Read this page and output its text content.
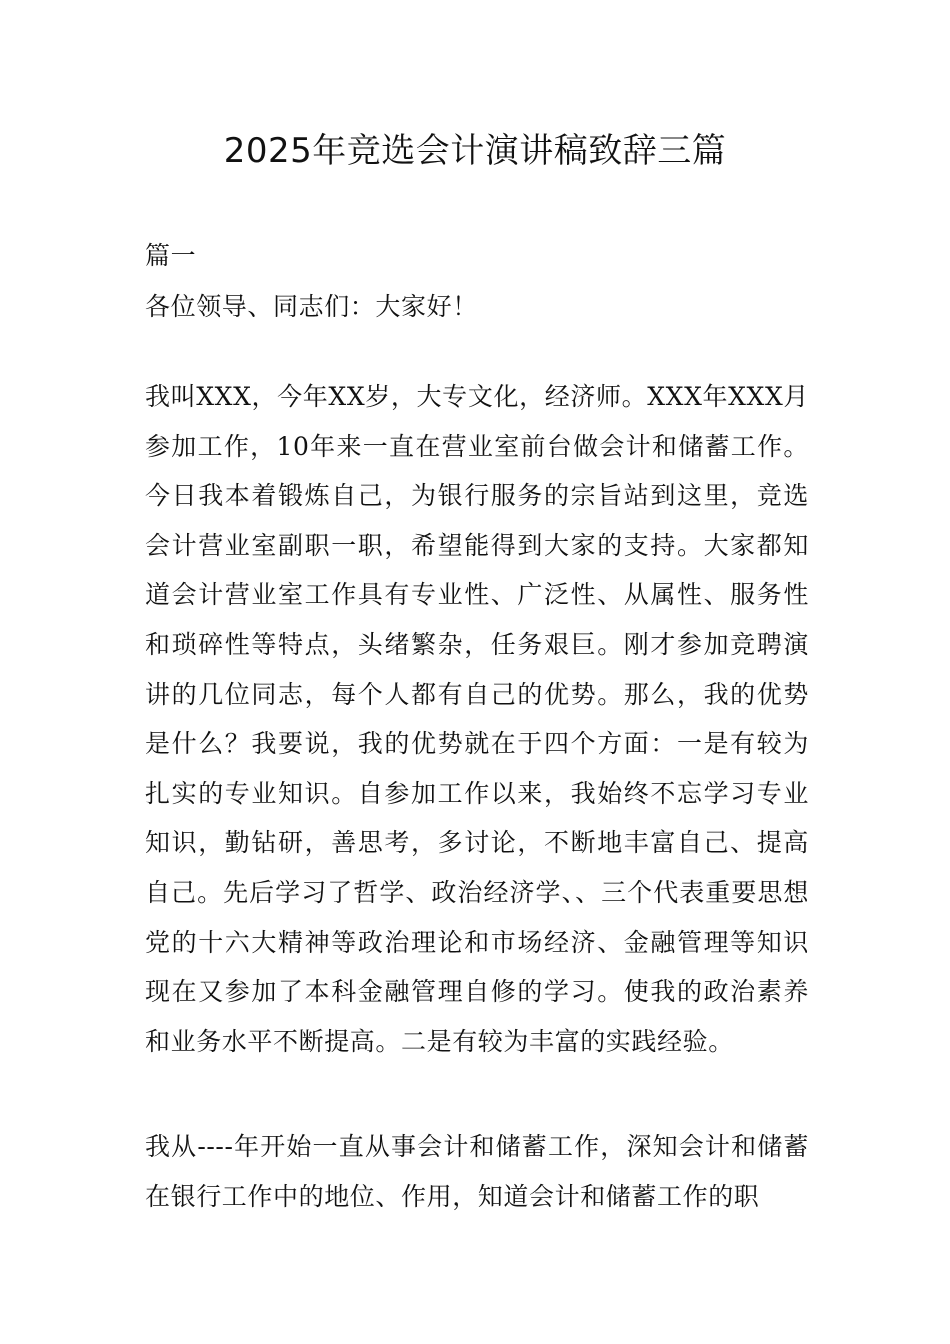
2025年竞选会计演讲稿致辞三篇

篇一

各位领导、同志们：大家好！

我叫XXX，今年XX岁，大专文化，经济师。XXX年XXX月参加工作，10年来一直在营业室前台做会计和储蓄工作。今日我本着锻炼自己，为银行服务的宗旨站到这里，竞选会计营业室副职一职，希望能得到大家的支持。大家都知道会计营业室工作具有专业性、广泛性、从属性、服务性和琐碎性等特点，头绪繁杂，任务艰巨。刚才参加竞聘演讲的几位同志，每个人都有自己的优势。那么，我的优势是什么？我要说，我的优势就在于四个方面：一是有较为扎实的专业知识。自参加工作以来，我始终不忘学习专业知识，勤钻研，善思考，多讨论，不断地丰富自己、提高自己。先后学习了哲学、政治经济学、、三个代表重要思想党的十六大精神等政治理论和市场经济、金融管理等知识现在又参加了本科金融管理自修的学习。使我的政治素养和业务水平不断提高。二是有较为丰富的实践经验。

我从----年开始一直从事会计和储蓄工作，深知会计和储蓄在银行工作中的地位、作用，知道会计和储蓄工作的职
